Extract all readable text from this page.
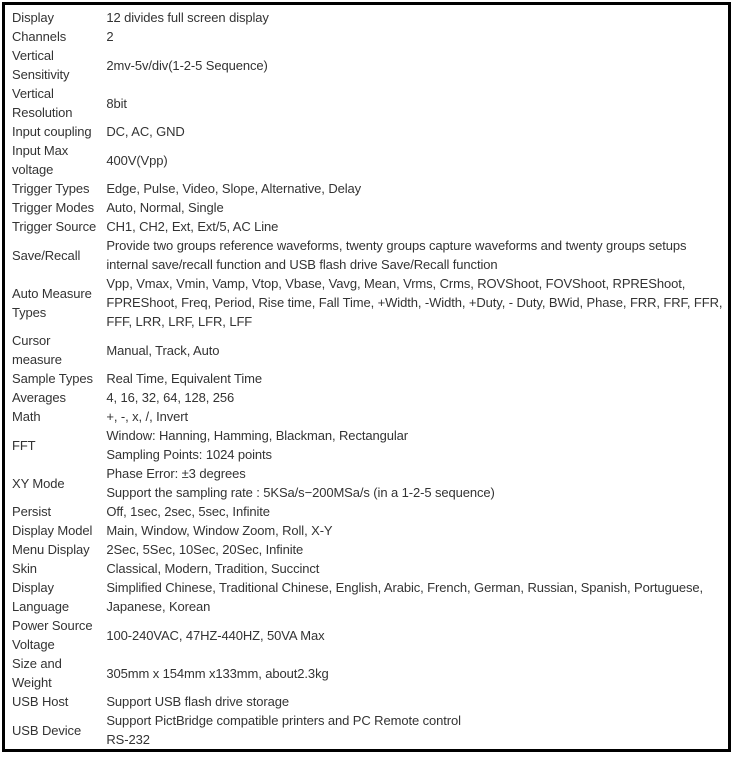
Display	12 divides full screen display

Channels	2

Vertical
Sensitivity	2mv-5v/div(1-2-5 Sequence)

Vertical
Resolution	8bit

Input coupling	DC, AC, GND

Input Max
voltage	400V(Vpp)

Trigger Types	Edge, Pulse, Video, Slope, Alternative, Delay

Trigger Modes	Auto, Normal, Single

Trigger Source	CH1, CH2, Ext, Ext/5, AC Line

Save/Recall	Provide two groups reference waveforms, twenty groups capture waveforms and twenty groups setups
internal save/recall function and USB flash drive Save/Recall function

Auto Measure
Types	Vpp, Vmax, Vmin, Vamp, Vtop, Vbase, Vavg, Mean, Vrms, Crms, ROVShoot, FOVShoot, RPREShoot,
FPREShoot, Freq, Period, Rise time, Fall Time, +Width, -Width, +Duty, - Duty, BWid, Phase, FRR, FRF, FFR,
FFF, LRR, LRF, LFR, LFF

Cursor
measure	Manual, Track, Auto

Sample Types	Real Time, Equivalent Time

Averages	4, 16, 32, 64, 128, 256

Math	+, -, x, /, Invert

FFT	Window: Hanning, Hamming, Blackman, Rectangular
Sampling Points: 1024 points

XY Mode	Phase Error: ±3 degrees
Support the sampling rate : 5KSa/s−200MSa/s (in a 1-2-5 sequence)

Persist	Off, 1sec, 2sec, 5sec, Infinite

Display Model	Main, Window, Window Zoom, Roll, X-Y

Menu Display	2Sec, 5Sec, 10Sec, 20Sec, Infinite

Skin	Classical, Modern, Tradition, Succinct

Display
Language	Simplified Chinese, Traditional Chinese, English, Arabic, French, German, Russian, Spanish, Portuguese,
Japanese, Korean

Power Source
Voltage	100-240VAC, 47HZ-440HZ, 50VA Max

Size and
Weight	305mm x 154mm x133mm, about2.3kg

USB Host	Support USB flash drive storage

USB Device	Support PictBridge compatible printers and PC Remote control
RS-232
